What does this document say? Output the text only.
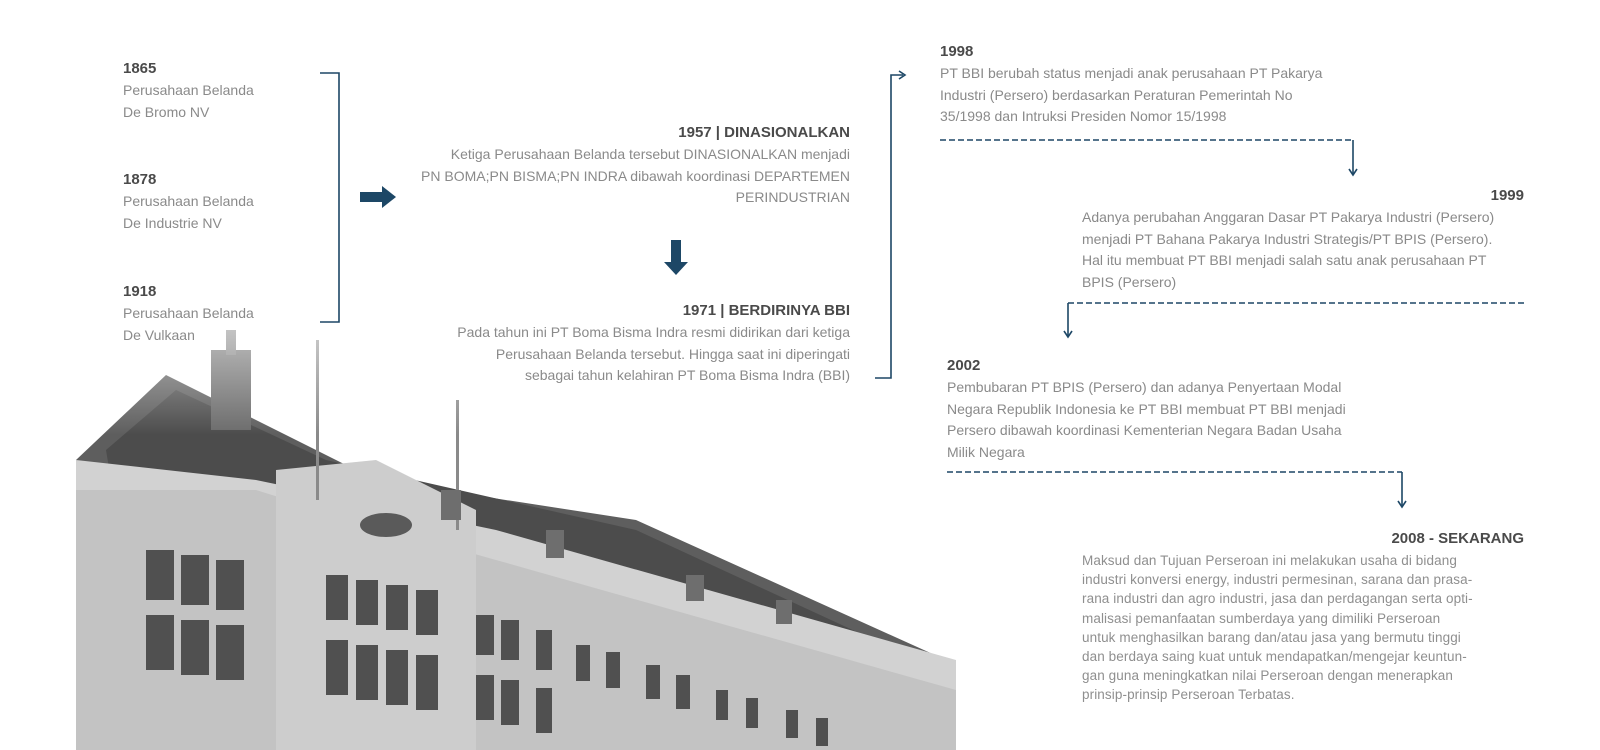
1865
Perusahaan Belanda
De Bromo NV
1878
Perusahaan Belanda
De Industrie NV
1918
Perusahaan Belanda
De Vulkaan
1957 | DINASIONALKAN
Ketiga Perusahaan Belanda tersebut DINASIONALKAN menjadi
PN BOMA;PN BISMA;PN INDRA dibawah koordinasi DEPARTEMEN
PERINDUSTRIAN
1971 | BERDIRINYA BBI
Pada tahun ini PT Boma Bisma Indra resmi didirikan dari ketiga
Perusahaan Belanda tersebut. Hingga saat ini diperingati
sebagai tahun kelahiran PT Boma Bisma Indra (BBI)
1998
PT BBI berubah status menjadi anak perusahaan PT Pakarya
Industri (Persero) berdasarkan Peraturan Pemerintah No
35/1998 dan Intruksi Presiden Nomor 15/1998
1999
Adanya perubahan Anggaran Dasar PT Pakarya Industri (Persero)
menjadi PT Bahana Pakarya Industri Strategis/PT BPIS (Persero).
Hal itu membuat PT BBI menjadi salah satu anak perusahaan PT
BPIS (Persero)
2002
Pembubaran PT BPIS (Persero) dan adanya Penyertaan Modal
Negara Republik Indonesia ke PT BBI membuat PT BBI menjadi
Persero dibawah koordinasi Kementerian Negara Badan Usaha
Milik Negara
2008 - SEKARANG
Maksud dan Tujuan Perseroan ini melakukan usaha di bidang
industri konversi energy, industri permesinan, sarana dan prasa-
rana industri dan agro industri, jasa dan perdagangan serta opti-
malisasi pemanfaatan sumberdaya yang dimiliki Perseroan
untuk menghasilkan barang dan/atau jasa yang bermutu tinggi
dan berdaya saing kuat untuk mendapatkan/mengejar keuntun-
gan guna meningkatkan nilai Perseroan dengan menerapkan
prinsip-prinsip Perseroan Terbatas.
